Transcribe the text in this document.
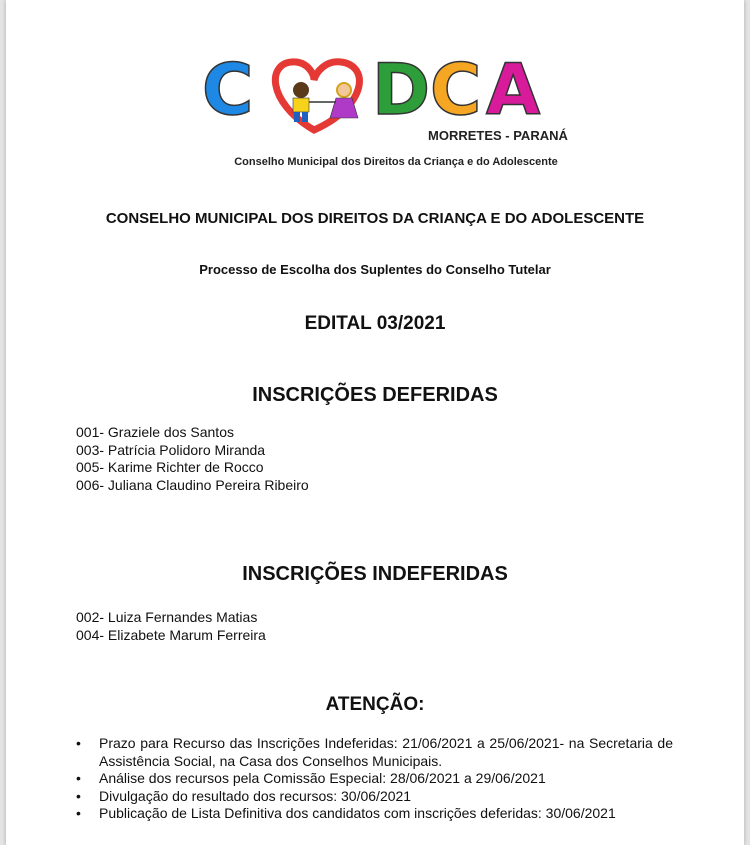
C D C A
MORRETES - PARANÁ
Conselho Municipal dos Direitos da Criança e do Adolescente
CONSELHO MUNICIPAL DOS DIREITOS DA CRIANÇA E DO ADOLESCENTE
Processo de Escolha dos Suplentes do Conselho Tutelar
EDITAL 03/2021
INSCRIÇÕES DEFERIDAS
001- Graziele dos Santos
003- Patrícia Polidoro Miranda
005- Karime Richter de Rocco
006- Juliana Claudino Pereira Ribeiro
INSCRIÇÕES INDEFERIDAS
002- Luiza Fernandes Matias
004- Elizabete Marum Ferreira
ATENÇÃO:
• Prazo para Recurso das Inscrições Indeferidas: 21/06/2021 a 25/06/2021- na Secretaria de Assistência Social, na Casa dos Conselhos Municipais.
• Análise dos recursos pela Comissão Especial: 28/06/2021 a 29/06/2021
• Divulgação do resultado dos recursos: 30/06/2021
• Publicação de Lista Definitiva dos candidatos com inscrições deferidas: 30/06/2021
